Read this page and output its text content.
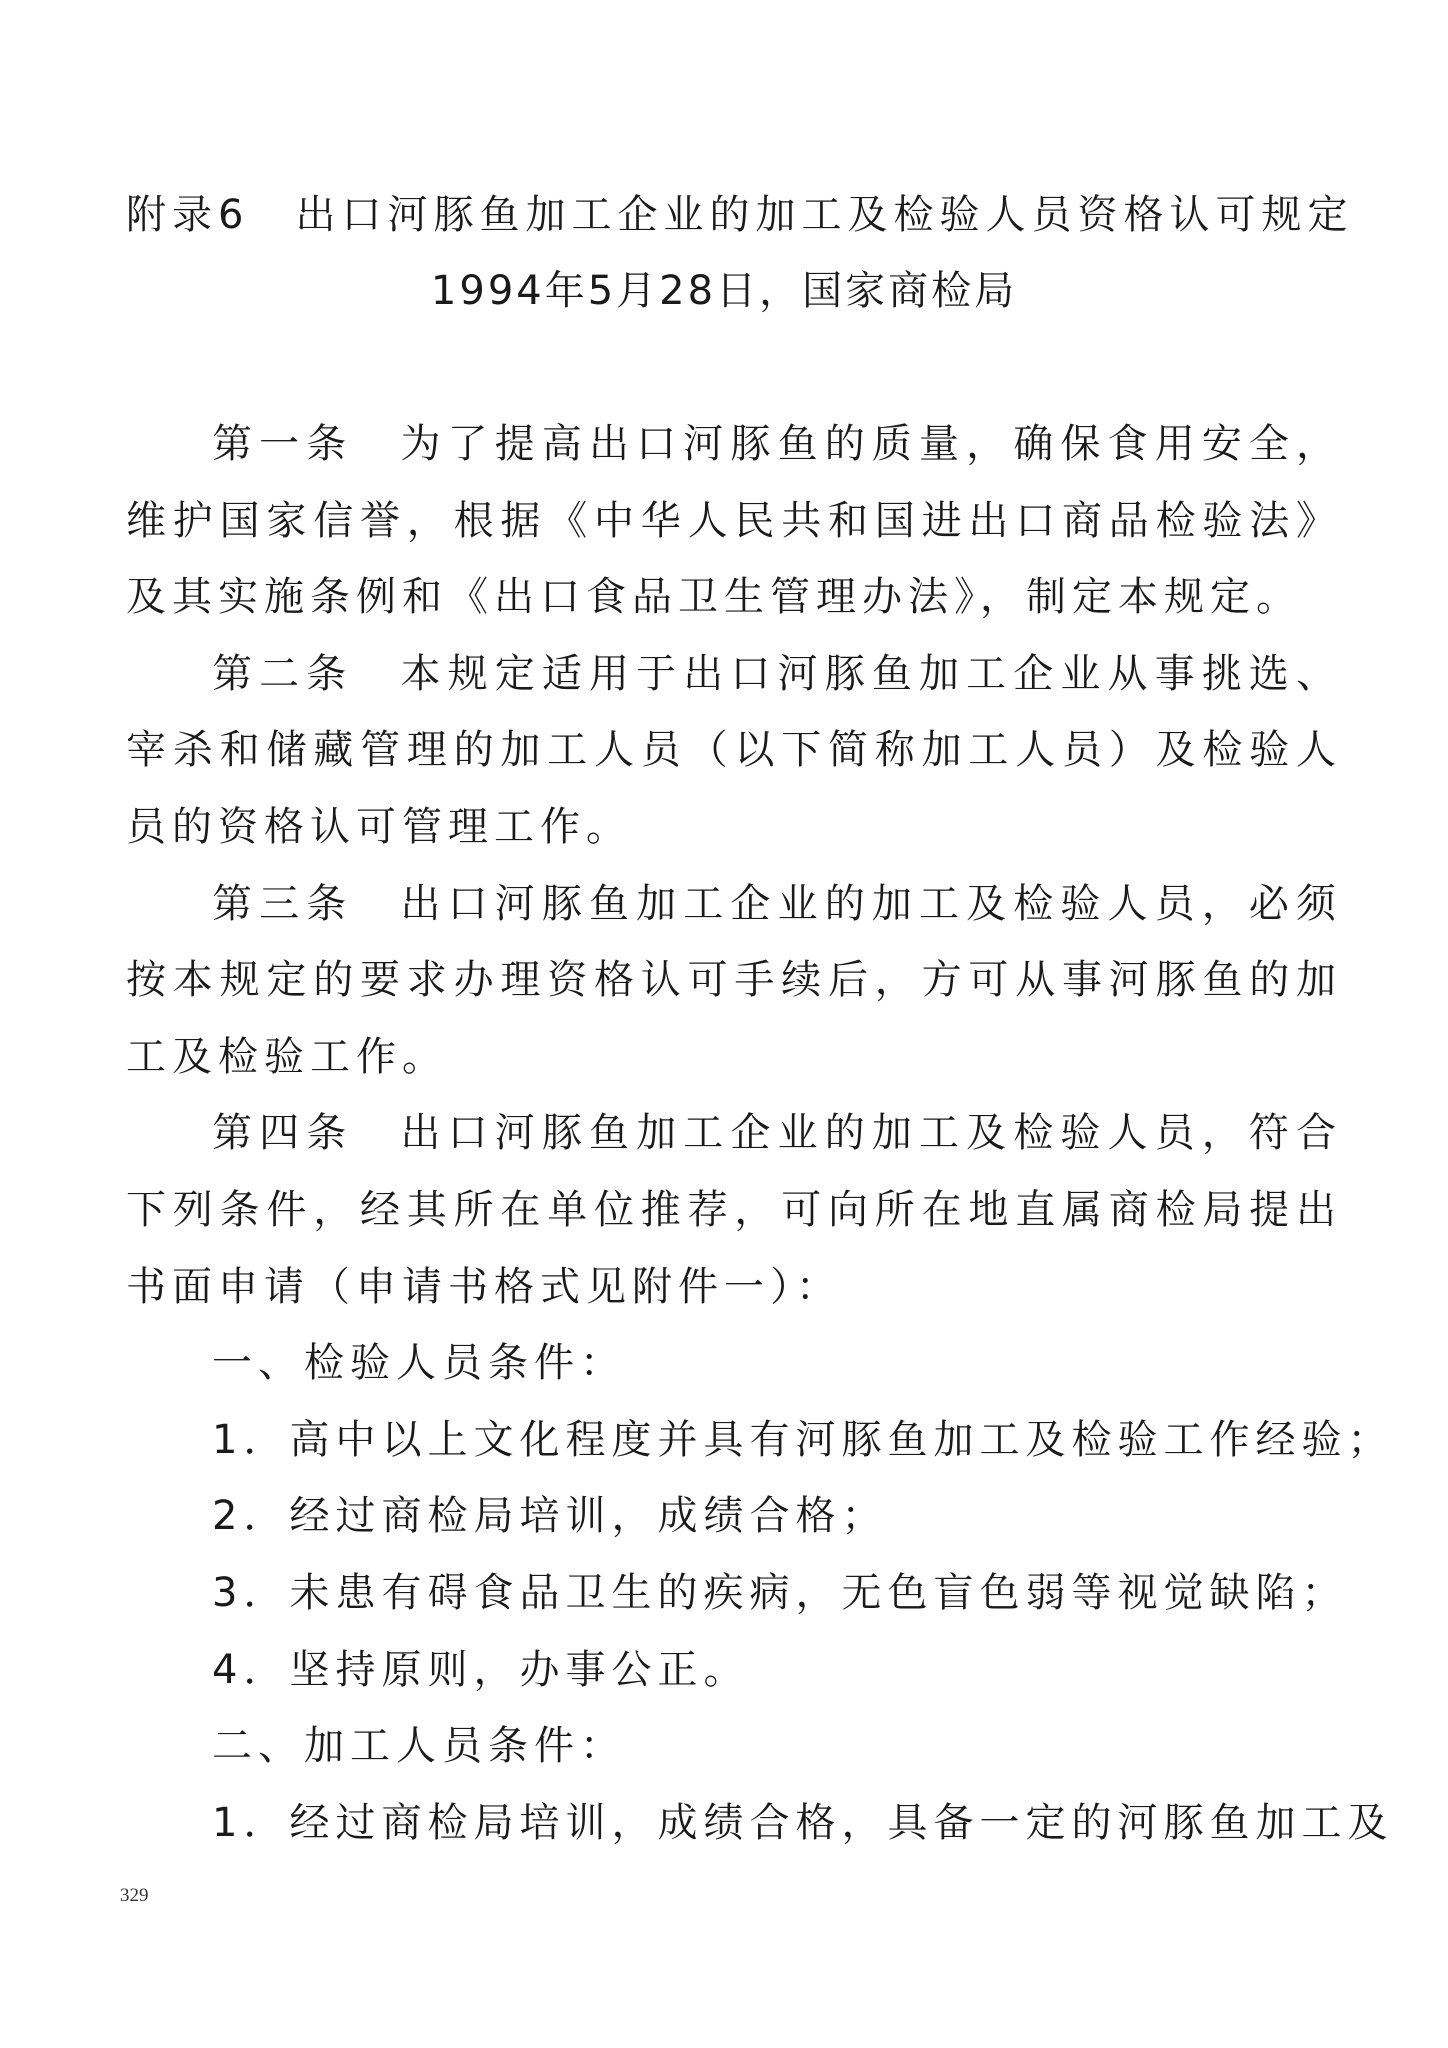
附录6　出口河豚鱼加工企业的加工及检验人员资格认可规定
1994年5月28日，国家商检局

第一条　为了提高出口河豚鱼的质量，确保食用安全，维护国家信誉，根据《中华人民共和国进出口商品检验法》及其实施条例和《出口食品卫生管理办法》，制定本规定。

第二条　本规定适用于出口河豚鱼加工企业从事挑选、宰杀和储藏管理的加工人员（以下简称加工人员）及检验人员的资格认可管理工作。

第三条　出口河豚鱼加工企业的加工及检验人员，必须按本规定的要求办理资格认可手续后，方可从事河豚鱼的加工及检验工作。

第四条　出口河豚鱼加工企业的加工及检验人员，符合下列条件，经其所在单位推荐，可向所在地直属商检局提出书面申请（申请书格式见附件一）：

一、检验人员条件：

1．高中以上文化程度并具有河豚鱼加工及检验工作经验；

2．经过商检局培训，成绩合格；

3．未患有碍食品卫生的疾病，无色盲色弱等视觉缺陷；

4．坚持原则，办事公正。

二、加工人员条件：

1．经过商检局培训，成绩合格，具备一定的河豚鱼加工及

329
